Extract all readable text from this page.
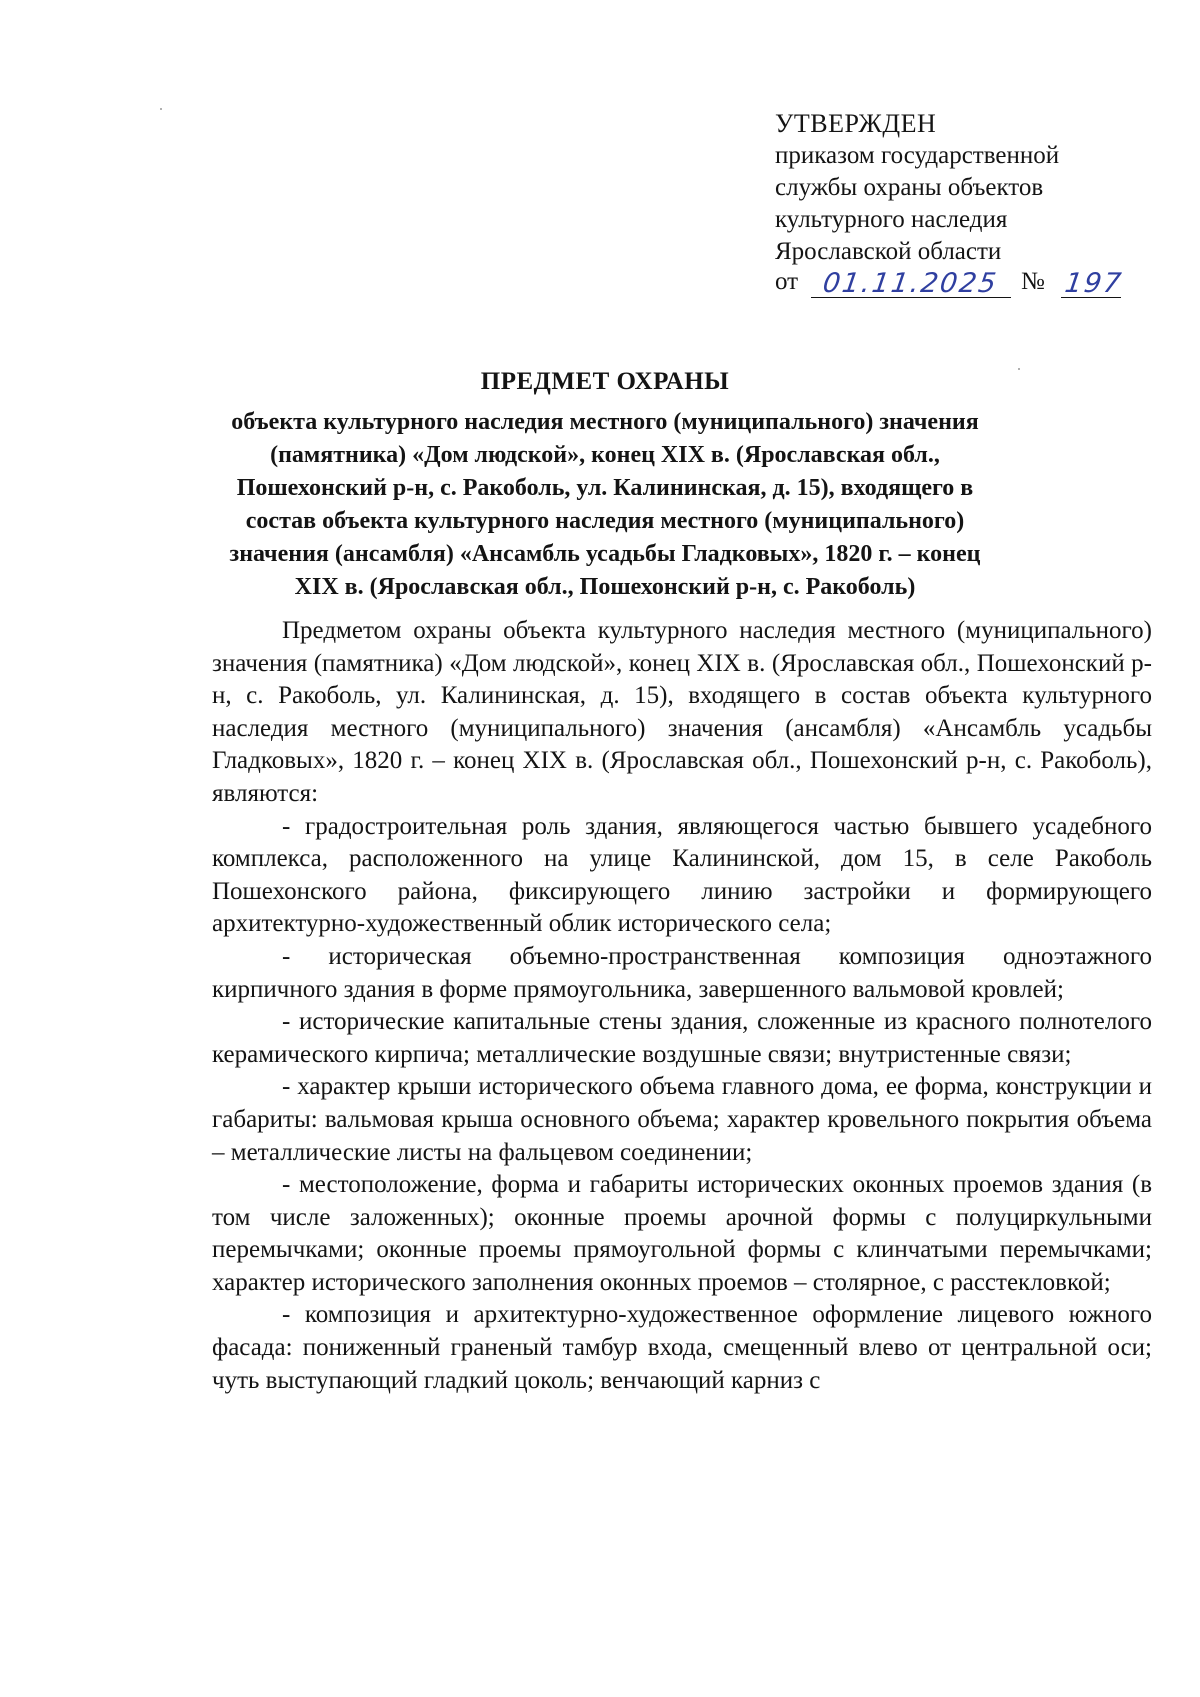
УТВЕРЖДЕН
приказом государственной
службы охраны объектов
культурного наследия
Ярославской области
от 01.11.2025 № 197
ПРЕДМЕТ ОХРАНЫ
объекта культурного наследия местного (муниципального) значения (памятника) «Дом людской», конец XIX в. (Ярославская обл., Пошехонский р-н, с. Ракоболь, ул. Калининская, д. 15), входящего в состав объекта культурного наследия местного (муниципального) значения (ансамбля) «Ансамбль усадьбы Гладковых», 1820 г. – конец XIX в. (Ярославская обл., Пошехонский р-н, с. Ракоболь)

Предметом охраны объекта культурного наследия местного (муниципального) значения (памятника) «Дом людской», конец XIX в. (Ярославская обл., Пошехонский р-н, с. Ракоболь, ул. Калининская, д. 15), входящего в состав объекта культурного наследия местного (муниципального) значения (ансамбля) «Ансамбль усадьбы Гладковых», 1820 г. – конец XIX в. (Ярославская обл., Пошехонский р-н, с. Ракоболь), являются:

- градостроительная роль здания, являющегося частью бывшего усадебного комплекса, расположенного на улице Калининской, дом 15, в селе Ракоболь Пошехонского района, фиксирующего линию застройки и формирующего архитектурно-художественный облик исторического села;

- историческая объемно-пространственная композиция одноэтажного кирпичного здания в форме прямоугольника, завершенного вальмовой кровлей;

- исторические капитальные стены здания, сложенные из красного полнотелого керамического кирпича; металлические воздушные связи; внутристенные связи;

- характер крыши исторического объема главного дома, ее форма, конструкции и габариты: вальмовая крыша основного объема; характер кровельного покрытия объема – металлические листы на фальцевом соединении;

- местоположение, форма и габариты исторических оконных проемов здания (в том числе заложенных); оконные проемы арочной формы с полуциркульными перемычками; оконные проемы прямоугольной формы с клинчатыми перемычками; характер исторического заполнения оконных проемов – столярное, с расстекловкой;

- композиция и архитектурно-художественное оформление лицевого южного фасада: пониженный граненый тамбур входа, смещенный влево от центральной оси; чуть выступающий гладкий цоколь; венчающий карниз с
